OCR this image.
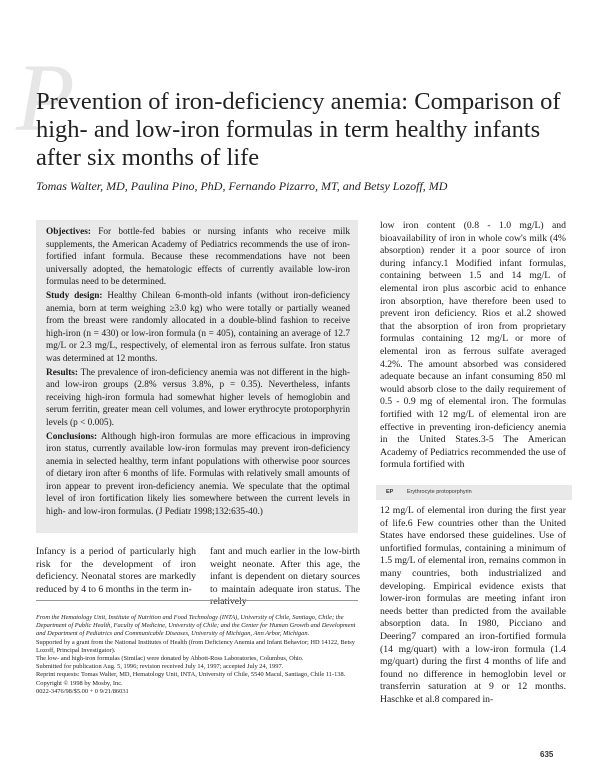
P
Prevention of iron-deficiency anemia: Comparison of high- and low-iron formulas in term healthy infants after six months of life
Tomas Walter, MD, Paulina Pino, PhD, Fernando Pizarro, MT, and Betsy Lozoff, MD

Objectives: For bottle-fed babies or nursing infants who receive milk supplements, the American Academy of Pediatrics recommends the use of iron-fortified infant formula. Because these recommendations have not been universally adopted, the hematologic effects of currently available low-iron formulas need to be determined.

Study design: Healthy Chilean 6-month-old infants (without iron-deficiency anemia, born at term weighing ≥3.0 kg) who were totally or partially weaned from the breast were randomly allocated in a double-blind fashion to receive high-iron (n = 430) or low-iron formula (n = 405), containing an average of 12.7 mg/L or 2.3 mg/L, respectively, of elemental iron as ferrous sulfate. Iron status was determined at 12 months.

Results: The prevalence of iron-deficiency anemia was not different in the high- and low-iron groups (2.8% versus 3.8%, p = 0.35). Nevertheless, infants receiving high-iron formula had somewhat higher levels of hemoglobin and serum ferritin, greater mean cell volumes, and lower erythrocyte protoporphyrin levels (p < 0.005).

Conclusions: Although high-iron formulas are more efficacious in improving iron status, currently available low-iron formulas may prevent iron-deficiency anemia in selected healthy, term infant populations with otherwise poor sources of dietary iron after 6 months of life. Formulas with relatively small amounts of iron appear to prevent iron-deficiency anemia. We speculate that the optimal level of iron fortification likely lies somewhere between the current levels in high- and low-iron formulas. (J Pediatr 1998;132:635-40.)

Infancy is a period of particularly high risk for the development of iron deficiency. Neonatal stores are markedly reduced by 4 to 6 months in the term in-
fant and much earlier in the low-birth weight neonate. After this age, the infant is dependent on dietary sources to maintain adequate iron status. The relatively

From the Hematology Unit, Institute of Nutrition and Food Technology (INTA), University of Chile, Santiago, Chile; the Department of Public Health, Faculty of Medicine, University of Chile; and the Center for Human Growth and Development and Department of Pediatrics and Communicable Diseases, University of Michigan, Ann Arbor, Michigan.

Supported by a grant from the National Institutes of Health (from Deficiency Anemia and Infant Behavior; HD 14122, Betsy Lozoff, Principal Investigator).

The low- and high-iron formulas (Similac) were donated by Abbott-Ross Laboratories, Columbus, Ohio.

Submitted for publication Aug. 5, 1996; revision received July 14, 1997; accepted July 24, 1997.

Reprint requests: Tomas Walter, MD, Hematology Unit, INTA, University of Chile, 5540 Macul, Santiago, Chile 11-138.

Copyright © 1998 by Mosby, Inc.

0022-3476/98/$5.00 + 0 9/21/86031

low iron content (0.8 - 1.0 mg/L) and bioavailability of iron in whole cow's milk (4% absorption) render it a poor source of iron during infancy.1 Modified infant formulas, containing between 1.5 and 14 mg/L of elemental iron plus ascorbic acid to enhance iron absorption, have therefore been used to prevent iron deficiency. Rios et al.2 showed that the absorption of iron from proprietary formulas containing 12 mg/L or more of elemental iron as ferrous sulfate averaged 4.2%. The amount absorbed was considered adequate because an infant consuming 850 ml would absorb close to the daily requirement of 0.5 - 0.9 mg of elemental iron. The formulas fortified with 12 mg/L of elemental iron are effective in preventing iron-deficiency anemia in the United States.3-5 The American Academy of Pediatrics recommended the use of formula fortified with
EP Erythrocyte protoporphyrin
12 mg/L of elemental iron during the first year of life.6 Few countries other than the United States have endorsed these guidelines. Use of unfortified formulas, containing a minimum of 1.5 mg/L of elemental iron, remains common in many countries, both industrialized and developing. Empirical evidence exists that lower-iron formulas are meeting infant iron needs better than predicted from the available absorption data. In 1980, Picciano and Deering7 compared an iron-fortified formula (14 mg/quart) with a low-iron formula (1.4 mg/quart) during the first 4 months of life and found no difference in hemoglobin level or transferrin saturation at 9 or 12 months. Haschke et al.8 compared in-
635
